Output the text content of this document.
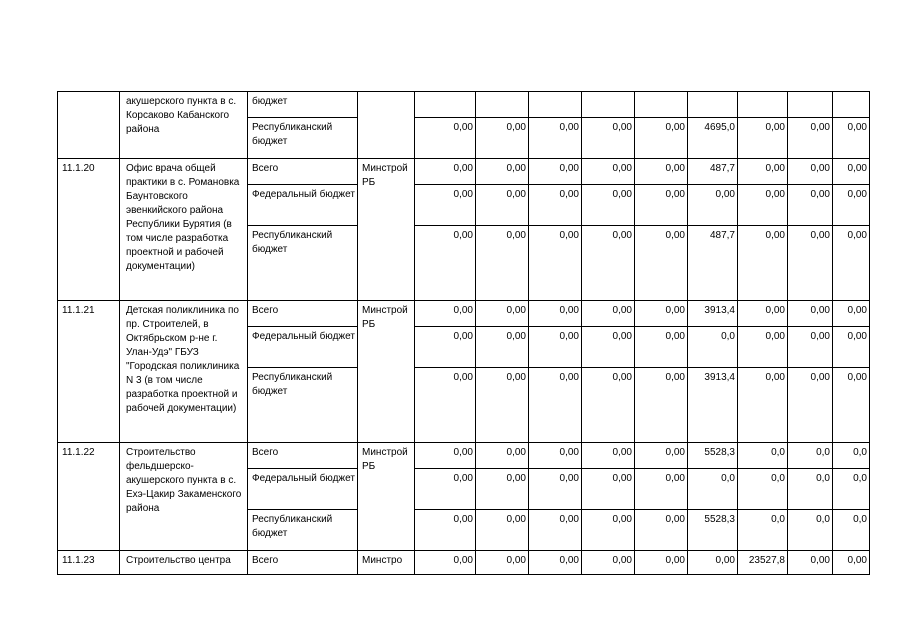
	акушерского пункта в с. Корсаково Кабанского района	бюджет										

		Республиканский бюджет		0,00	0,00	0,00	0,00	0,00	4695,0	0,00	0,00	0,00
11.1.20	Офис врача общей практики в с. Романовка Баунтовского эвенкийского района Республики Бурятия (в том числе разработка проектной и рабочей документации)	Всего	Минстрой РБ	0,00	0,00	0,00	0,00	0,00	487,7	0,00	0,00	0,00

		Федеральный бюджет		0,00	0,00	0,00	0,00	0,00	0,00	0,00	0,00	0,00

		Республиканский бюджет		0,00	0,00	0,00	0,00	0,00	487,7	0,00	0,00	0,00
11.1.21	Детская поликлиника по пр. Строителей, в Октябрьском р-не г. Улан-Удэ" ГБУЗ "Городская поликлиника N 3 (в том числе разработка проектной и рабочей документации)	Всего	Минстрой РБ	0,00	0,00	0,00	0,00	0,00	3913,4	0,00	0,00	0,00

		Федеральный бюджет		0,00	0,00	0,00	0,00	0,00	0,0	0,00	0,00	0,00

		Республиканский бюджет		0,00	0,00	0,00	0,00	0,00	3913,4	0,00	0,00	0,00
11.1.22	Строительство фельдшерско-акушерского пункта в с. Ехэ-Цакир Закаменского района	Всего	Минстрой РБ	0,00	0,00	0,00	0,00	0,00	5528,3	0,0	0,0	0,0

		Федеральный бюджет		0,00	0,00	0,00	0,00	0,00	0,0	0,0	0,0	0,0

		Республиканский бюджет		0,00	0,00	0,00	0,00	0,00	5528,3	0,0	0,0	0,0
11.1.23	Строительство центра	Всего	Минстро	0,00	0,00	0,00	0,00	0,00	0,00	23527,8	0,00	0,00
